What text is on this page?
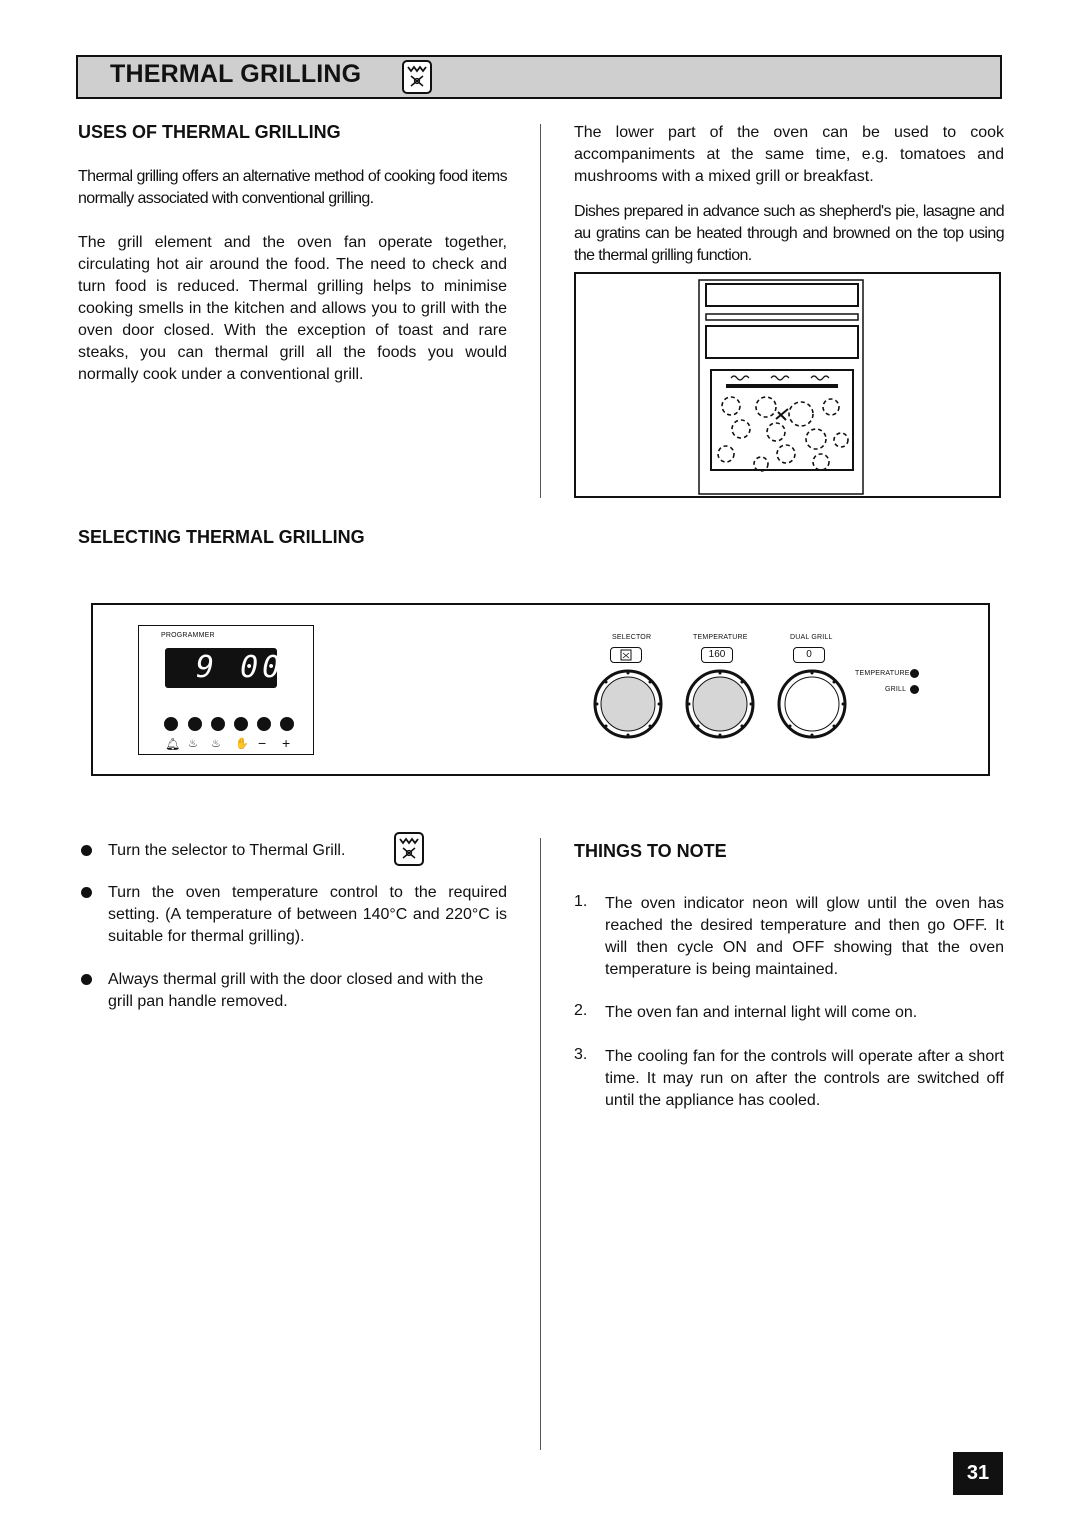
THERMAL GRILLING
USES OF THERMAL GRILLING
Thermal grilling offers an alternative method of cooking food items normally associated with conventional grilling.
The grill element and the oven fan operate together, circulating hot air around the food. The need to check and turn food is reduced. Thermal grilling helps to minimise cooking smells in the kitchen and allows you to grill with the oven door closed. With the exception of toast and rare steaks, you can thermal grill all the foods you would normally cook under a conventional grill.
The lower part of the oven can be used to cook accompaniments at the same time, e.g. tomatoes and mushrooms with a mixed grill or breakfast.
Dishes prepared in advance such as shepherd's pie, lasagne and au gratins can be heated through and browned on the top using the thermal grilling function.
SELECTING THERMAL GRILLING
PROGRAMMER
9 00
🔔︎ ♨ ♨ ✋ − +
SELECTOR	TEMPERATURE	DUAL GRILL
160	0
TEMPERATURE
GRILL
Turn the selector to Thermal Grill.
Turn the oven temperature control to the required setting. (A temperature of between 140°C and 220°C is suitable for thermal grilling).
Always thermal grill with the door closed and with the grill pan handle removed.
THINGS TO NOTE
1. The oven indicator neon will glow until the oven has reached the desired temperature and then go OFF. It will then cycle ON and OFF showing that the oven temperature is being maintained.
2. The oven fan and internal light will come on.
3. The cooling fan for the controls will operate after a short time. It may run on after the controls are switched off until the appliance has cooled.
31
